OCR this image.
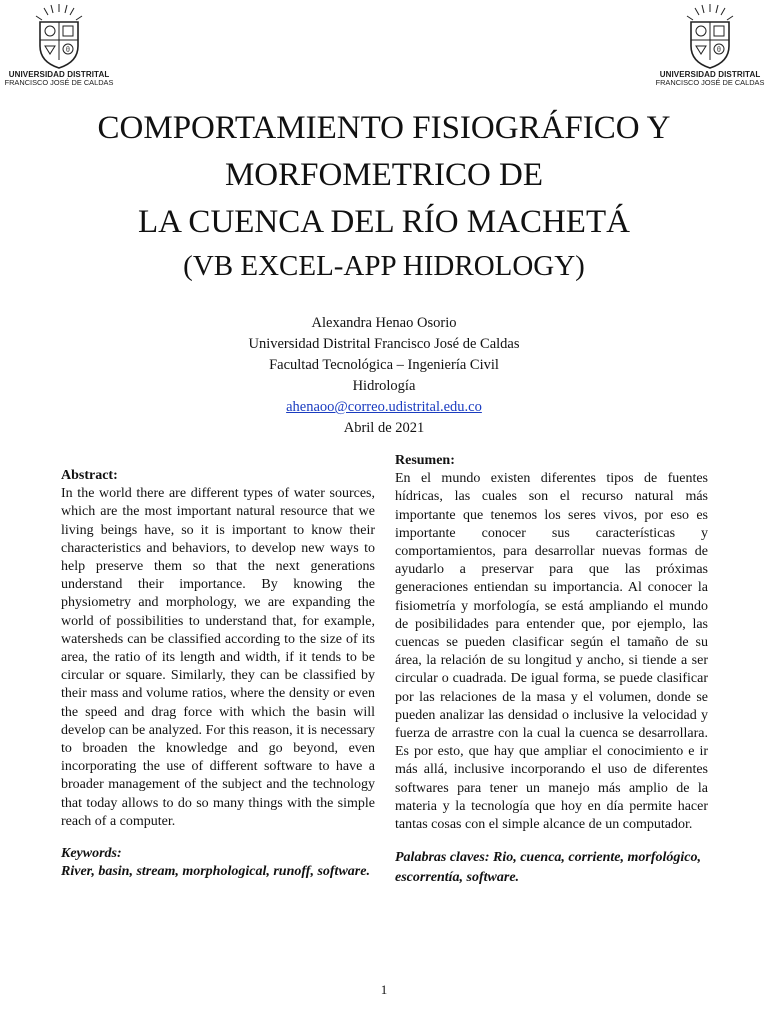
θ
UNIVERSIDAD DISTRITAL
FRANCISCO JOSÉ DE CALDAS
θ
UNIVERSIDAD DISTRITAL
FRANCISCO JOSÉ DE CALDAS
COMPORTAMIENTO FISIOGRÁFICO Y
MORFOMETRICO DE
LA CUENCA DEL RÍO MACHETÁ
(VB EXCEL-APP HIDROLOGY)
Alexandra Henao Osorio
Universidad Distrital Francisco José de Caldas
Facultad Tecnológica – Ingeniería Civil
Hidrología
ahenaoo@correo.udistrital.edu.co
Abril de 2021
Abstract:
In the world there are different types of water sources, which are the most important natural resource that we living beings have, so it is important to know their characteristics and behaviors, to develop new ways to help preserve them so that the next generations understand their importance. By knowing the physiometry and morphology, we are expanding the world of possibilities to understand that, for example, watersheds can be classified according to the size of its area, the ratio of its length and width, if it tends to be circular or square. Similarly, they can be classified by their mass and volume ratios, where the density or even the speed and drag force with which the basin will develop can be analyzed. For this reason, it is necessary to broaden the knowledge and go beyond, even incorporating the use of different software to have a broader management of the subject and the technology that today allows to do so many things with the simple reach of a computer.
Keywords:
River, basin, stream, morphological, runoff, software.
Resumen:
En el mundo existen diferentes tipos de fuentes hídricas, las cuales son el recurso natural más importante que tenemos los seres vivos, por eso es importante conocer sus características y comportamientos, para desarrollar nuevas formas de ayudarlo a preservar para que las próximas generaciones entiendan su importancia. Al conocer la fisiometría y morfología, se está ampliando el mundo de posibilidades para entender que, por ejemplo, las cuencas se pueden clasificar según el tamaño de su área, la relación de su longitud y ancho, si tiende a ser circular o cuadrada. De igual forma, se puede clasificar por las relaciones de la masa y el volumen, donde se pueden analizar las densidad o inclusive la velocidad y fuerza de arrastre con la cual la cuenca se desarrollara. Es por esto, que hay que ampliar el conocimiento e ir más allá, inclusive incorporando el uso de diferentes softwares para tener un manejo más amplio de la materia y la tecnología que hoy en día permite hacer tantas cosas con el simple alcance de un computador.
Palabras claves: Rio, cuenca, corriente, morfológico, escorrentía, software.
1
